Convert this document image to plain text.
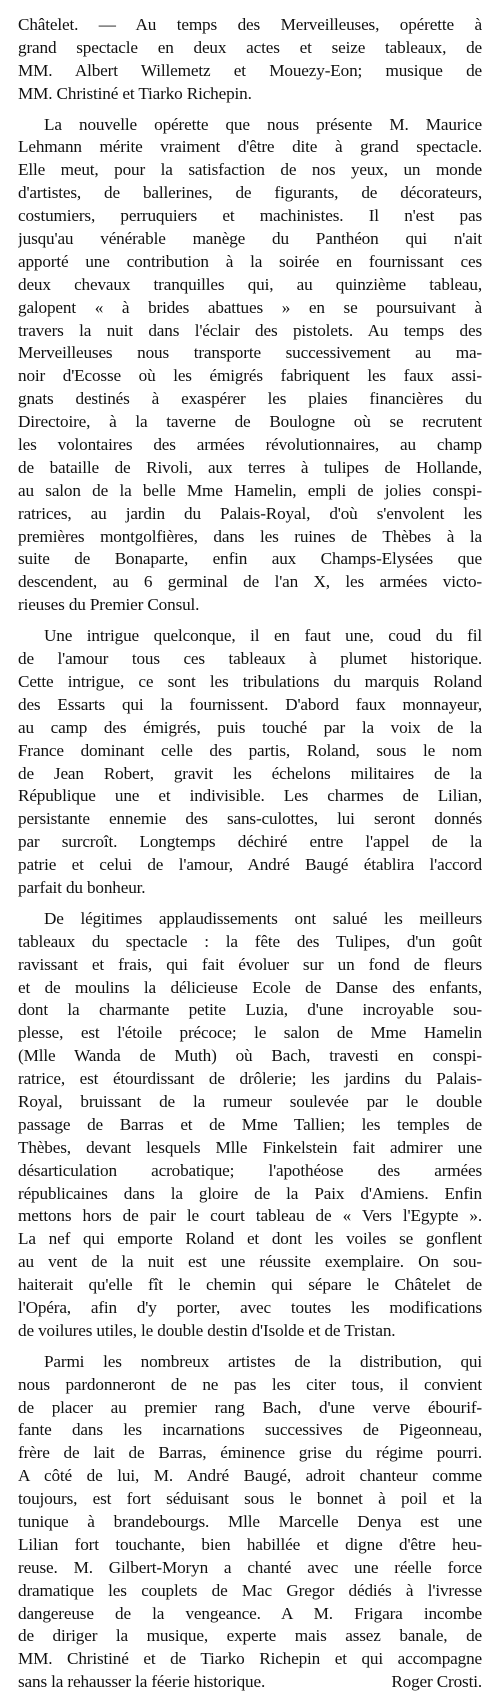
Châtelet. — Au temps des Merveilleuses, opérette à
grand spectacle en deux actes et seize tableaux, de
MM. Albert Willemetz et Mouezy-Eon; musique de
MM. Christiné et Tiarko Richepin.
La nouvelle opérette que nous présente M. Maurice
Lehmann mérite vraiment d'être dite à grand spectacle.
Elle meut, pour la satisfaction de nos yeux, un monde
d'artistes, de ballerines, de figurants, de décorateurs,
costumiers, perruquiers et machinistes. Il n'est pas
jusqu'au vénérable manège du Panthéon qui n'ait
apporté une contribution à la soirée en fournissant ces
deux chevaux tranquilles qui, au quinzième tableau,
galopent « à brides abattues » en se poursuivant à
travers la nuit dans l'éclair des pistolets. Au temps des
Merveilleuses nous transporte successivement au ma-
noir d'Ecosse où les émigrés fabriquent les faux assi-
gnats destinés à exaspérer les plaies financières du
Directoire, à la taverne de Boulogne où se recrutent
les volontaires des armées révolutionnaires, au champ
de bataille de Rivoli, aux terres à tulipes de Hollande,
au salon de la belle Mme Hamelin, empli de jolies conspi-
ratrices, au jardin du Palais-Royal, d'où s'envolent les
premières montgolfières, dans les ruines de Thèbes à la
suite de Bonaparte, enfin aux Champs-Elysées que
descendent, au 6 germinal de l'an X, les armées victo-
rieuses du Premier Consul.
Une intrigue quelconque, il en faut une, coud du fil
de l'amour tous ces tableaux à plumet historique.
Cette intrigue, ce sont les tribulations du marquis Roland
des Essarts qui la fournissent. D'abord faux monnayeur,
au camp des émigrés, puis touché par la voix de la
France dominant celle des partis, Roland, sous le nom
de Jean Robert, gravit les échelons militaires de la
République une et indivisible. Les charmes de Lilian,
persistante ennemie des sans-culottes, lui seront donnés
par surcroît. Longtemps déchiré entre l'appel de la
patrie et celui de l'amour, André Baugé établira l'accord
parfait du bonheur.
De légitimes applaudissements ont salué les meilleurs
tableaux du spectacle : la fête des Tulipes, d'un goût
ravissant et frais, qui fait évoluer sur un fond de fleurs
et de moulins la délicieuse Ecole de Danse des enfants,
dont la charmante petite Luzia, d'une incroyable sou-
plesse, est l'étoile précoce; le salon de Mme Hamelin
(Mlle Wanda de Muth) où Bach, travesti en conspi-
ratrice, est étourdissant de drôlerie; les jardins du Palais-
Royal, bruissant de la rumeur soulevée par le double
passage de Barras et de Mme Tallien; les temples de
Thèbes, devant lesquels Mlle Finkelstein fait admirer une
désarticulation acrobatique; l'apothéose des armées
républicaines dans la gloire de la Paix d'Amiens. Enfin
mettons hors de pair le court tableau de « Vers l'Egypte ».
La nef qui emporte Roland et dont les voiles se gonflent
au vent de la nuit est une réussite exemplaire. On sou-
haiterait qu'elle fît le chemin qui sépare le Châtelet de
l'Opéra, afin d'y porter, avec toutes les modifications
de voilures utiles, le double destin d'Isolde et de Tristan.
Parmi les nombreux artistes de la distribution, qui
nous pardonneront de ne pas les citer tous, il convient
de placer au premier rang Bach, d'une verve ébourif-
fante dans les incarnations successives de Pigeonneau,
frère de lait de Barras, éminence grise du régime pourri.
A côté de lui, M. André Baugé, adroit chanteur comme
toujours, est fort séduisant sous le bonnet à poil et la
tunique à brandebourgs. Mlle Marcelle Denya est une
Lilian fort touchante, bien habillée et digne d'être heu-
reuse. M. Gilbert-Moryn a chanté avec une réelle force
dramatique les couplets de Mac Gregor dédiés à l'ivresse
dangereuse de la vengeance. A M. Frigara incombe
de diriger la musique, experte mais assez banale, de
MM. Christiné et de Tiarko Richepin et qui accompagne
sans la rehausser la féerie historique.	Roger Crosti.
